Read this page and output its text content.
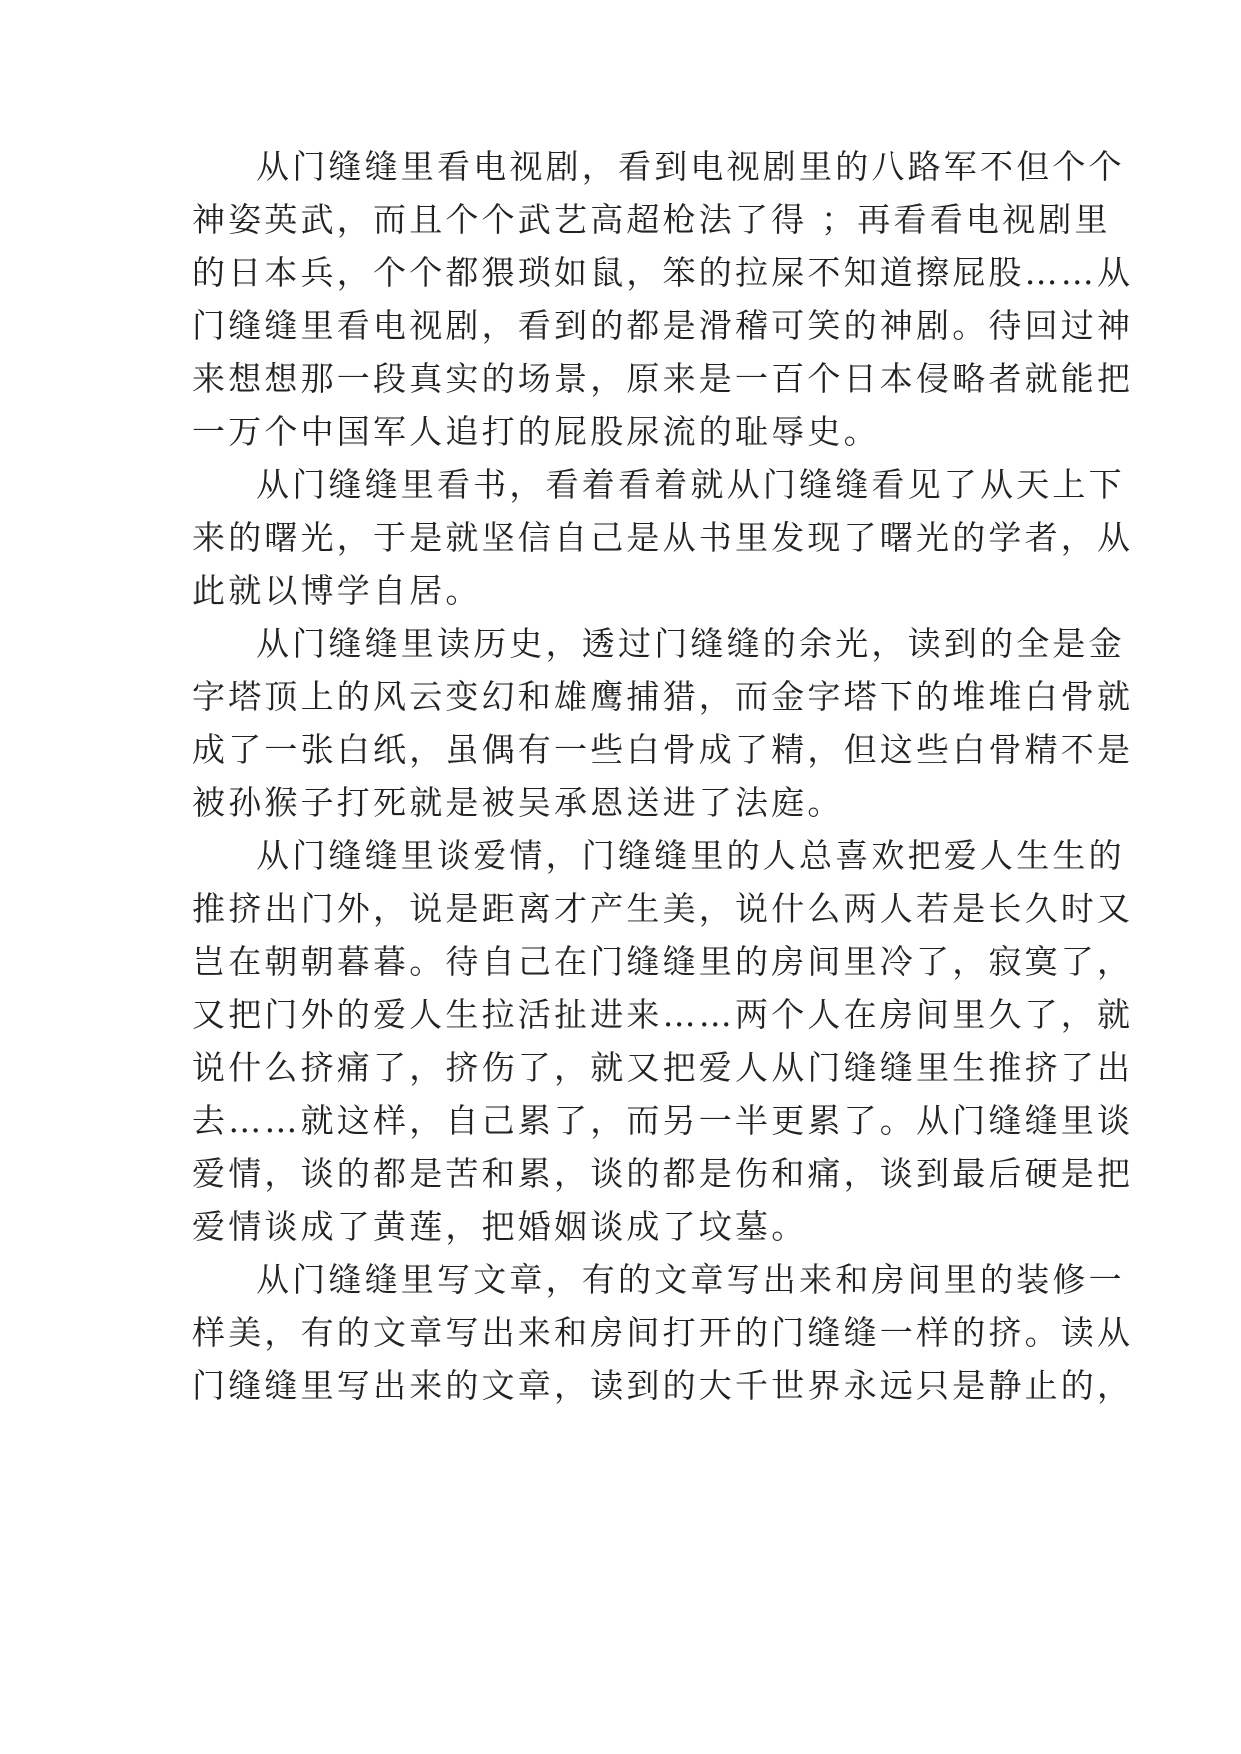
从门缝缝里看电视剧，看到电视剧里的八路军不但个个
神姿英武，而且个个武艺高超枪法了得 ；再看看电视剧里
的日本兵，个个都猥琐如鼠，笨的拉屎不知道擦屁股……从
门缝缝里看电视剧，看到的都是滑稽可笑的神剧。待回过神
来想想那一段真实的场景，原来是一百个日本侵略者就能把
一万个中国军人追打的屁股尿流的耻辱史。
从门缝缝里看书，看着看着就从门缝缝看见了从天上下
来的曙光，于是就坚信自己是从书里发现了曙光的学者，从
此就以博学自居。
从门缝缝里读历史，透过门缝缝的余光，读到的全是金
字塔顶上的风云变幻和雄鹰捕猎，而金字塔下的堆堆白骨就
成了一张白纸，虽偶有一些白骨成了精，但这些白骨精不是
被孙猴子打死就是被吴承恩送进了法庭。
从门缝缝里谈爱情，门缝缝里的人总喜欢把爱人生生的
推挤出门外，说是距离才产生美，说什么两人若是长久时又
岂在朝朝暮暮。待自己在门缝缝里的房间里冷了，寂寞了，
又把门外的爱人生拉活扯进来……两个人在房间里久了，就
说什么挤痛了，挤伤了，就又把爱人从门缝缝里生推挤了出
去……就这样，自己累了，而另一半更累了。从门缝缝里谈
爱情，谈的都是苦和累，谈的都是伤和痛，谈到最后硬是把
爱情谈成了黄莲，把婚姻谈成了坟墓。
从门缝缝里写文章，有的文章写出来和房间里的装修一
样美，有的文章写出来和房间打开的门缝缝一样的挤。读从
门缝缝里写出来的文章，读到的大千世界永远只是静止的，
